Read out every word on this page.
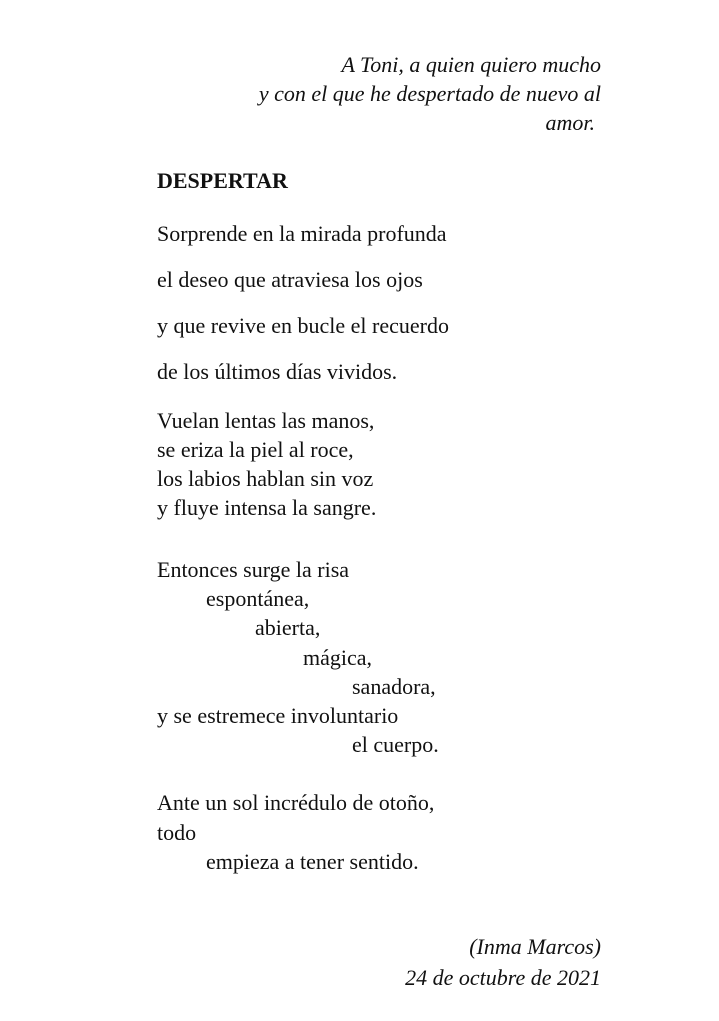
A Toni, a quien quiero mucho
y con el que he despertado de nuevo al
amor.
DESPERTAR
Sorprende en la mirada profunda
el deseo que atraviesa los ojos
y que revive en bucle el recuerdo
de los últimos días vividos.
Vuelan lentas las manos,
se eriza la piel al roce,
los labios hablan sin voz
y fluye intensa la sangre.
Entonces surge la risa
espontánea,
abierta,
mágica,
sanadora,
y se estremece involuntario
el cuerpo.
Ante un sol incrédulo de otoño,
todo
empieza a tener sentido.
(Inma Marcos)
24 de octubre de 2021
